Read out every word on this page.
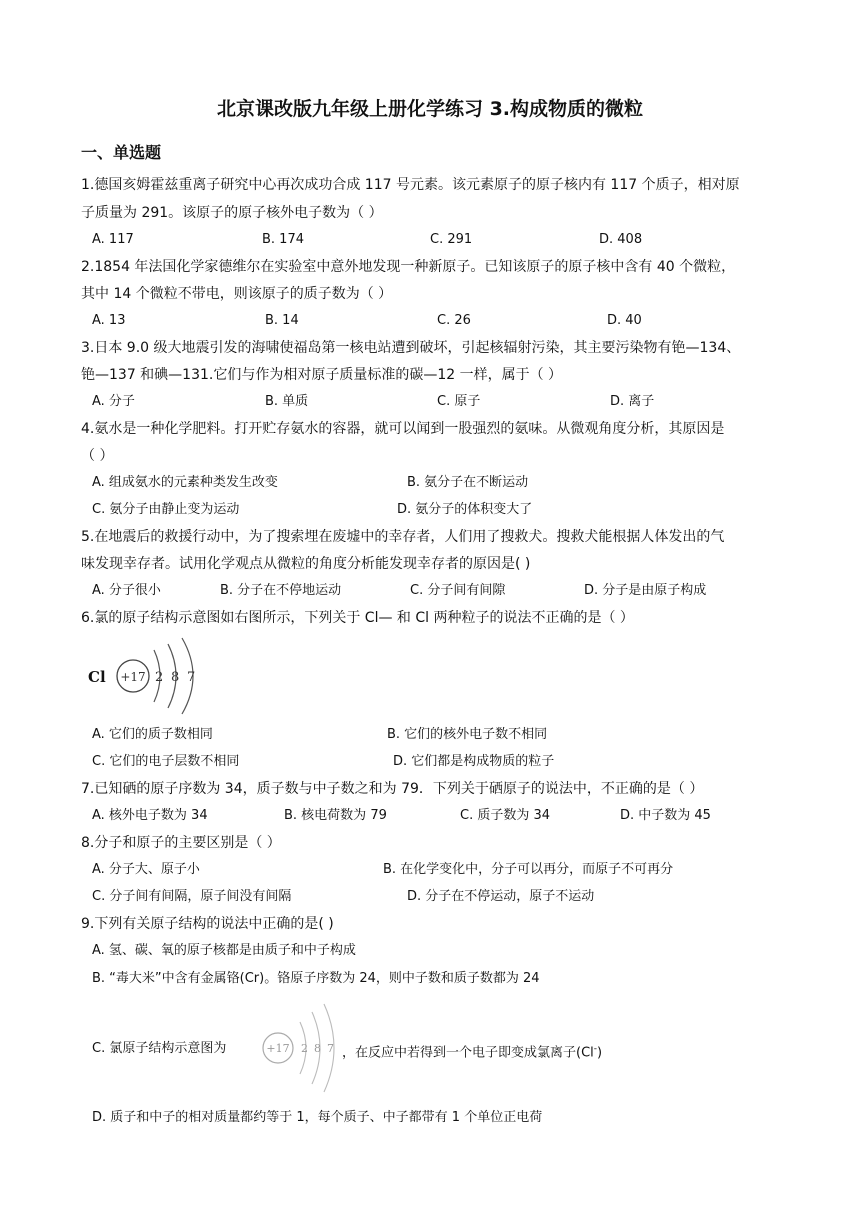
北京课改版九年级上册化学练习 3.构成物质的微粒
一、单选题
1.德国亥姆霍兹重离子研究中心再次成功合成 117 号元素。该元素原子的原子核内有 117 个质子，相对原
子质量为 291。该原子的原子核外电子数为（ ）
A. 117	B. 174	C. 291	D. 408
2.1854 年法国化学家德维尔在实验室中意外地发现一种新原子。已知该原子的原子核中含有 40 个微粒，
其中 14 个微粒不带电，则该原子的质子数为（ ）
A. 13	B. 14	C. 26	D. 40
3.日本 9.0 级大地震引发的海啸使福岛第一核电站遭到破坏，引起核辐射污染，其主要污染物有铯—134、
铯—137 和碘—131.它们与作为相对原子质量标准的碳—12 一样，属于（ ）
A. 分子	B. 单质	C. 原子	D. 离子
4.氨水是一种化学肥料。打开贮存氨水的容器，就可以闻到一股强烈的氨味。从微观角度分析，其原因是
（ ）
A. 组成氨水的元素种类发生改变	B. 氨分子在不断运动
C. 氨分子由静止变为运动	D. 氨分子的体积变大了
5.在地震后的救援行动中，为了搜索埋在废墟中的幸存者，人们用了搜救犬。搜救犬能根据人体发出的气
味发现幸存者。试用化学观点从微粒的角度分析能发现幸存者的原因是( )
A. 分子很小	B. 分子在不停地运动	C. 分子间有间隙	D. 分子是由原子构成
6.氯的原子结构示意图如右图所示，下列关于 Cl— 和 Cl 两种粒子的说法不正确的是（ ）
Cl +17 2 8 7
A. 它们的质子数相同	B. 它们的核外电子数不相同
C. 它们的电子层数不相同	D. 它们都是构成物质的粒子
7.已知硒的原子序数为 34，质子数与中子数之和为 79．下列关于硒原子的说法中，不正确的是（ ）
A. 核外电子数为 34	B. 核电荷数为 79	C. 质子数为 34	D. 中子数为 45
8.分子和原子的主要区别是（ ）
A. 分子大、原子小	B. 在化学变化中，分子可以再分，而原子不可再分
C. 分子间有间隔，原子间没有间隔	D. 分子在不停运动，原子不运动
9.下列有关原子结构的说法中正确的是( )
A. 氢、碳、氧的原子核都是由质子和中子构成
B. “毒大米”中含有金属铬(Cr)。铬原子序数为 24，则中子数和质子数都为 24
C. 氯原子结构示意图为	+17 2 8 7 ，在反应中若得到一个电子即变成氯离子(Cl-)
D. 质子和中子的相对质量都约等于 1，每个质子、中子都带有 1 个单位正电荷
